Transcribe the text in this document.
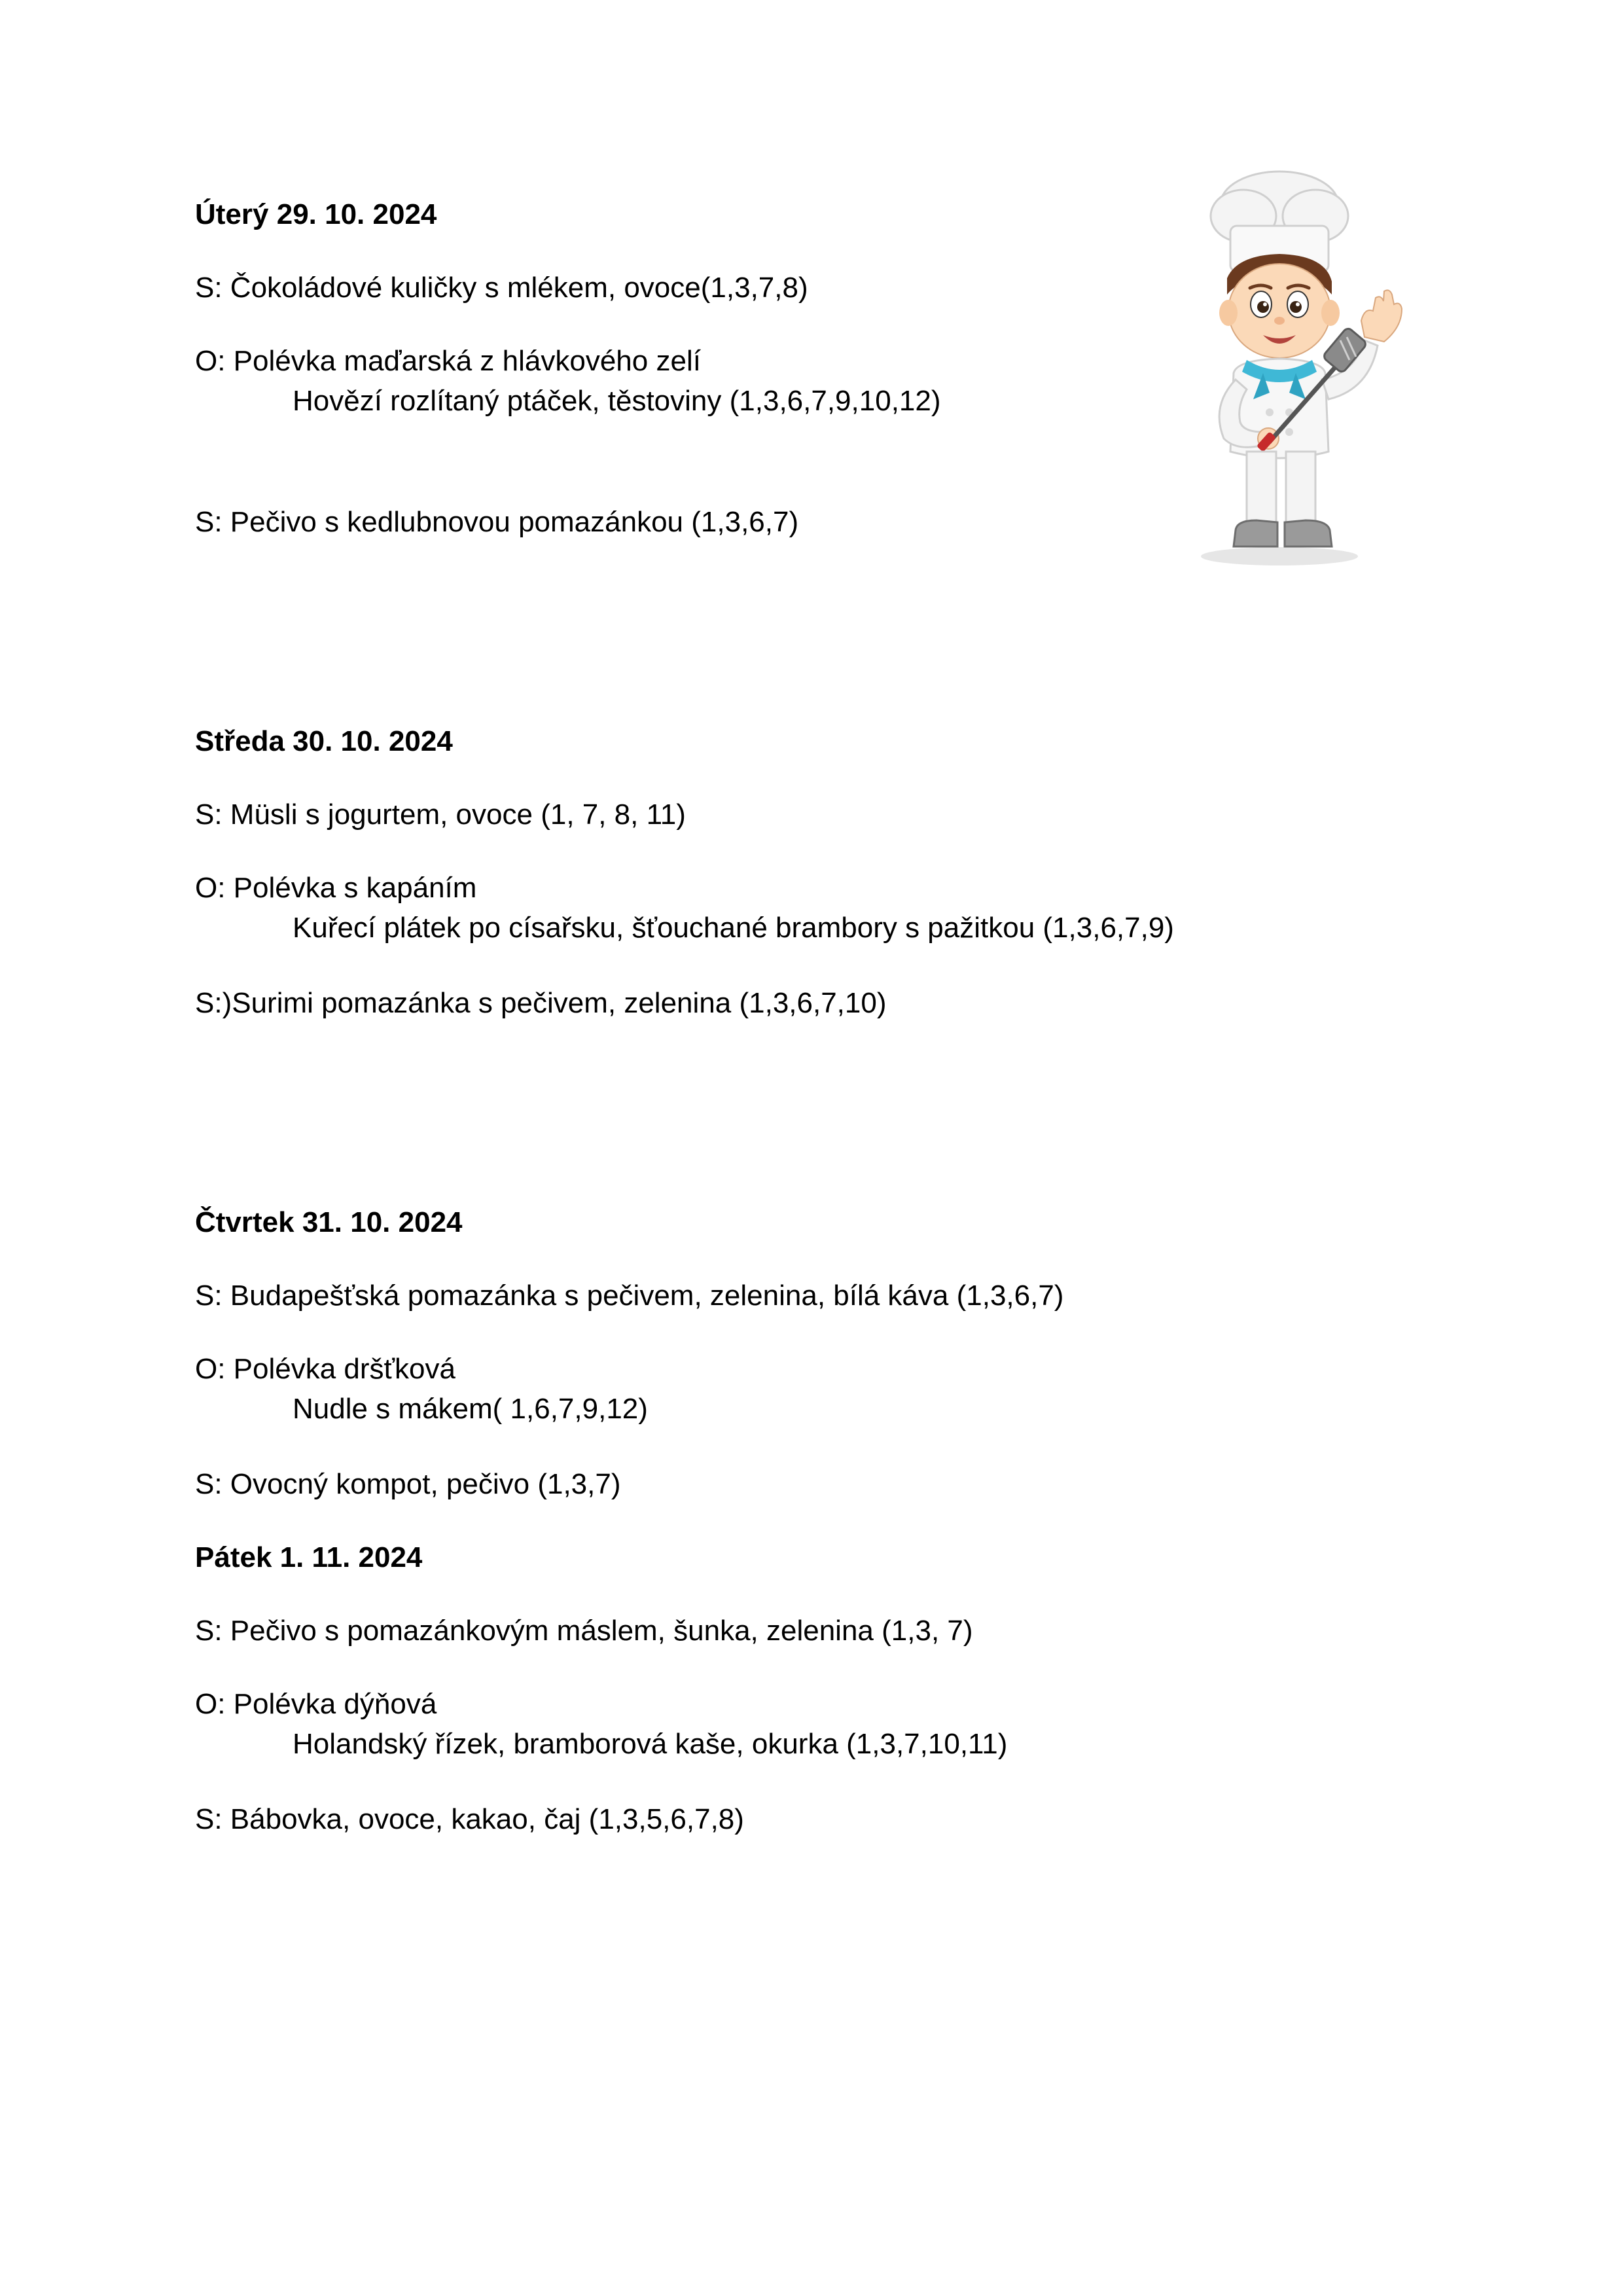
Úterý 29. 10. 2024
S: Čokoládové kuličky s mlékem, ovoce(1,3,7,8)
O: Polévka maďarská z hlávkového zelí
Hovězí rozlítaný ptáček, těstoviny (1,3,6,7,9,10,12)
S: Pečivo s kedlubnovou pomazánkou (1,3,6,7)
Středa 30. 10. 2024
S: Müsli s jogurtem, ovoce (1, 7, 8, 11)
O: Polévka s kapáním
Kuřecí plátek po císařsku, šťouchané brambory s pažitkou (1,3,6,7,9)
S:)Surimi pomazánka s pečivem, zelenina (1,3,6,7,10)
Čtvrtek 31. 10. 2024
S: Budapešťská pomazánka s pečivem, zelenina, bílá káva (1,3,6,7)
O: Polévka dršťková
Nudle s mákem( 1,6,7,9,12)
S: Ovocný kompot, pečivo (1,3,7)
Pátek 1. 11. 2024
S: Pečivo s pomazánkovým máslem, šunka, zelenina (1,3, 7)
O: Polévka dýňová
Holandský řízek, bramborová kaše, okurka (1,3,7,10,11)
S: Bábovka, ovoce, kakao, čaj (1,3,5,6,7,8)
